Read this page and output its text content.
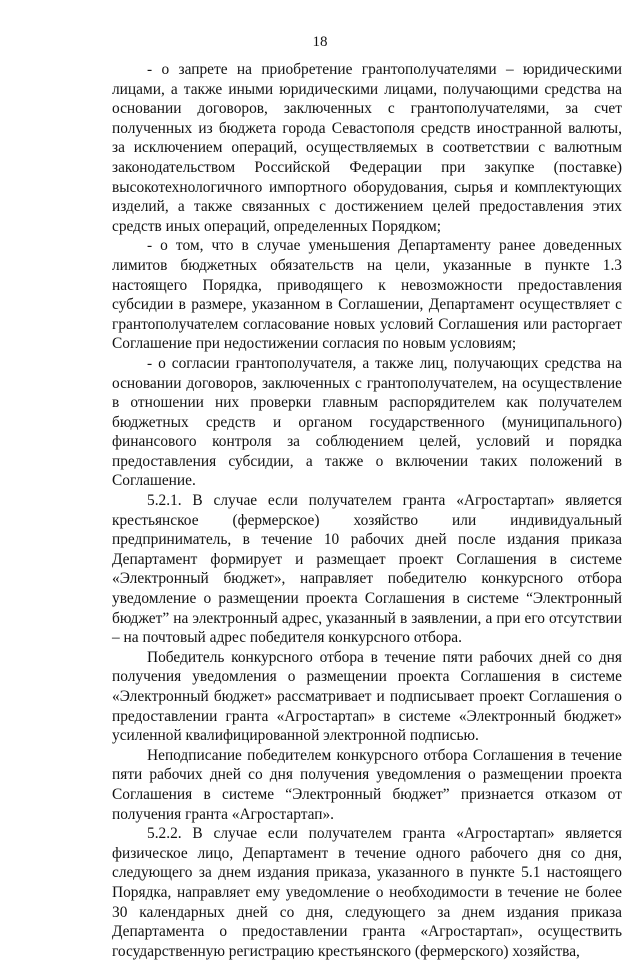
18

- о запрете на приобретение грантополучателями – юридическими лицами, а также иными юридическими лицами, получающими средства на основании договоров, заключенных с грантополучателями, за счет полученных из бюджета города Севастополя средств иностранной валюты, за исключением операций, осуществляемых в соответствии с валютным законодательством Российской Федерации при закупке (поставке) высокотехнологичного импортного оборудования, сырья и комплектующих изделий, а также связанных с достижением целей предоставления этих средств иных операций, определенных Порядком;

- о том, что в случае уменьшения Департаменту ранее доведенных лимитов бюджетных обязательств на цели, указанные в пункте 1.3 настоящего Порядка, приводящего к невозможности предоставления субсидии в размере, указанном в Соглашении, Департамент осуществляет с грантополучателем согласование новых условий Соглашения или расторгает Соглашение при недостижении согласия по новым условиям;

- о согласии грантополучателя, а также лиц, получающих средства на основании договоров, заключенных с грантополучателем, на осуществление в отношении них проверки главным распорядителем как получателем бюджетных средств и органом государственного (муниципального) финансового контроля за соблюдением целей, условий и порядка предоставления субсидии, а также о включении таких положений в Соглашение.

5.2.1. В случае если получателем гранта «Агростартап» является крестьянское (фермерское) хозяйство или индивидуальный предприниматель, в течение 10 рабочих дней после издания приказа Департамент формирует и размещает проект Соглашения в системе «Электронный бюджет», направляет победителю конкурсного отбора уведомление о размещении проекта Соглашения в системе “Электронный бюджет” на электронный адрес, указанный в заявлении, а при его отсутствии – на почтовый адрес победителя конкурсного отбора.

Победитель конкурсного отбора в течение пяти рабочих дней со дня получения уведомления о размещении проекта Соглашения в системе «Электронный бюджет» рассматривает и подписывает проект Соглашения о предоставлении гранта «Агростартап» в системе «Электронный бюджет» усиленной квалифицированной электронной подписью.

Неподписание победителем конкурсного отбора Соглашения в течение пяти рабочих дней со дня получения уведомления о размещении проекта Соглашения в системе “Электронный бюджет” признается отказом от получения гранта «Агростартап».

5.2.2. В случае если получателем гранта «Агростартап» является физическое лицо, Департамент в течение одного рабочего дня со дня, следующего за днем издания приказа, указанного в пункте 5.1 настоящего Порядка, направляет ему уведомление о необходимости в течение не более 30 календарных дней со дня, следующего за днем издания приказа Департамента о предоставлении гранта «Агростартап», осуществить государственную регистрацию крестьянского (фермерского) хозяйства,
